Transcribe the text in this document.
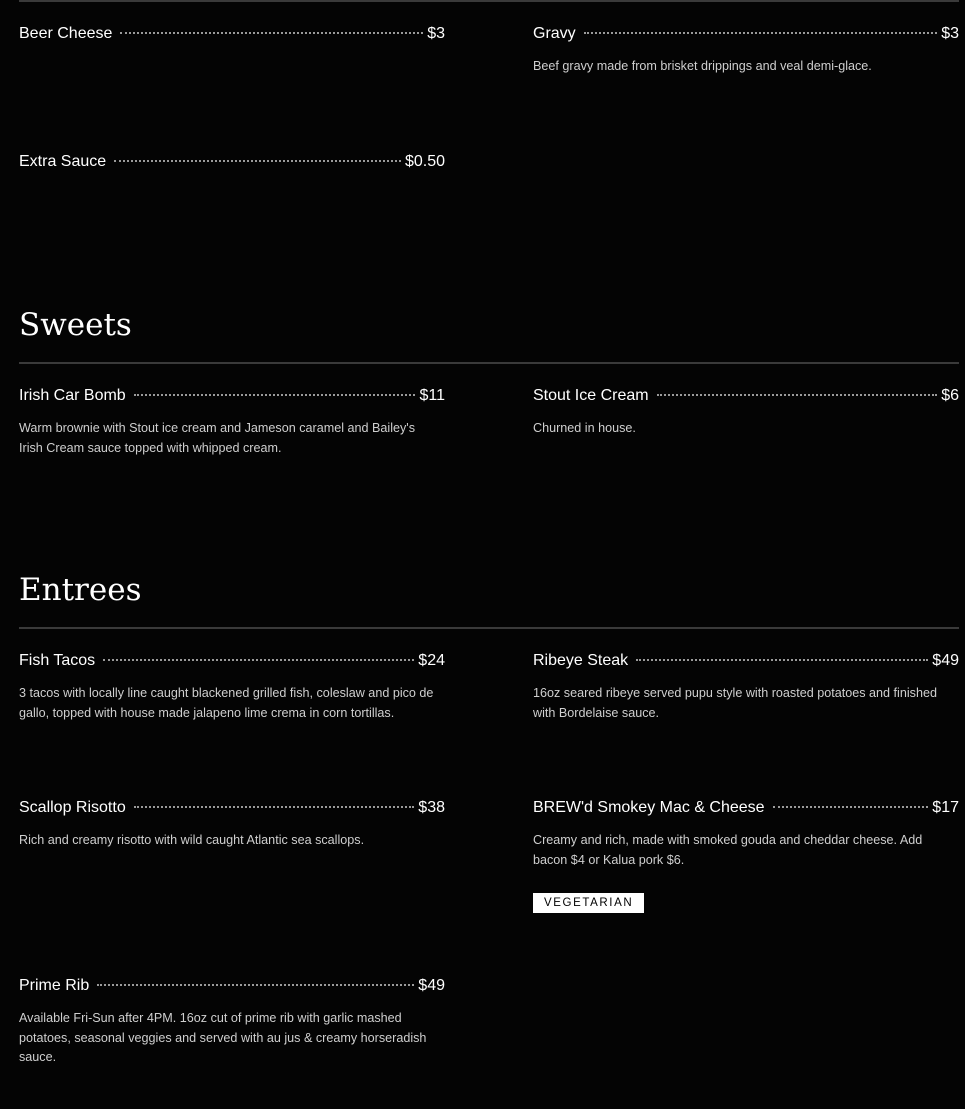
Beer Cheese	$3	Gravy	$3

Beef gravy made from brisket drippings and veal demi-glace.

Extra Sauce	$0.50
Sweets
Irish Car Bomb	$11

Warm brownie with Stout ice cream and Jameson caramel and Bailey's Irish Cream sauce topped with whipped cream.

Stout Ice Cream	$6

Churned in house.

Entrees
Fish Tacos	$24

3 tacos with locally line caught blackened grilled fish, coleslaw and pico de gallo, topped with house made jalapeno lime crema in corn tortillas.

Ribeye Steak	$49

16oz seared ribeye served pupu style with roasted potatoes and finished with Bordelaise sauce.

Scallop Risotto	$38

Rich and creamy risotto with wild caught Atlantic sea scallops.

BREW'd Smokey Mac & Cheese	$17

Creamy and rich, made with smoked gouda and cheddar cheese. Add bacon $4 or Kalua pork $6.

VEGETARIAN
Prime Rib	$49

Available Fri-Sun after 4PM. 16oz cut of prime rib with garlic mashed potatoes, seasonal veggies and served with au jus & creamy horseradish sauce.
